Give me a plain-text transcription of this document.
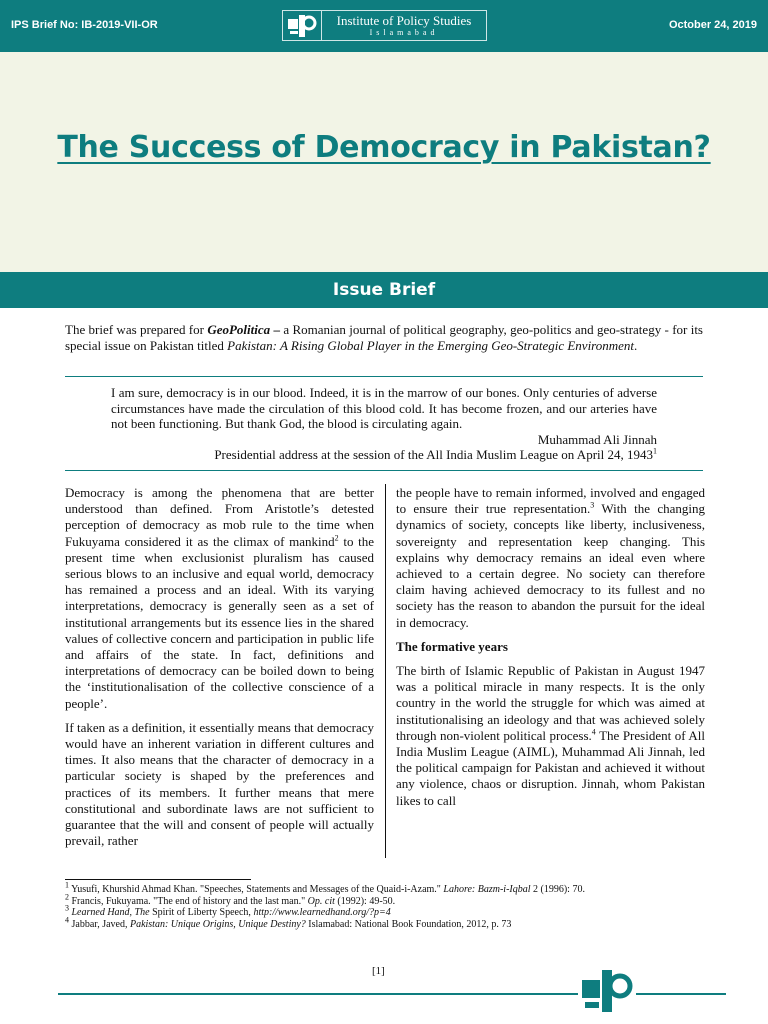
IPS Brief No: IB-2019-VII-OR	Institute of Policy Studies
Islamabad
October 24, 2019
The Success of Democracy in Pakistan?
Issue Brief
The brief was prepared for GeoPolitica – a Romanian journal of political geography, geo-politics and geo-strategy - for its special issue on Pakistan titled Pakistan: A Rising Global Player in the Emerging Geo-Strategic Environment.
I am sure, democracy is in our blood. Indeed, it is in the marrow of our bones. Only centuries of adverse circumstances have made the circulation of this blood cold. It has become frozen, and our arteries have not been functioning. But thank God, the blood is circulating again.
Muhammad Ali Jinnah
Presidential address at the session of the All India Muslim League on April 24, 1943$^1$

Democracy is among the phenomena that are better understood than defined. From Aristotle’s detested perception of democracy as mob rule to the time when Fukuyama considered it as the climax of mankind$^2$ to the present time when exclusionist pluralism has caused serious blows to an inclusive and equal world, democracy has remained a process and an ideal. With its varying interpretations, democracy is generally seen as a set of institutional arrangements but its essence lies in the shared values of collective concern and participation in public life and affairs of the state. In fact, definitions and interpretations of democracy can be boiled down to being the ‘institutionalisation of the collective conscience of a people’.

If taken as a definition, it essentially means that democracy would have an inherent variation in different cultures and times. It also means that the character of democracy in a particular society is shaped by the preferences and practices of its members. It further means that mere constitutional and subordinate laws are not sufficient to guarantee that the will and consent of people will actually prevail, rather

the people have to remain informed, involved and engaged to ensure their true representation.$^3$ With the changing dynamics of society, concepts like liberty, inclusiveness, sovereignty and representation keep changing. This explains why democracy remains an ideal even where achieved to a certain degree. No society can therefore claim having achieved democracy to its fullest and no society has the reason to abandon the pursuit for the ideal in democracy.

The formative years

The birth of Islamic Republic of Pakistan in August 1947 was a political miracle in many respects. It is the only country in the world the struggle for which was aimed at institutionalising an ideology and that was achieved solely through non-violent political process.$^4$ The President of All India Muslim League (AIML), Muhammad Ali Jinnah, led the political campaign for Pakistan and achieved it without any violence, chaos or disruption. Jinnah, whom Pakistan likes to call

$^1$ Yusufi, Khurshid Ahmad Khan. "Speeches, Statements and Messages of the Quaid-i-Azam." Lahore: Bazm-i-Iqbal 2 (1996): 70.
$^2$ Francis, Fukuyama. "The end of history and the last man." Op. cit (1992): 49-50.
$^3$ Learned Hand, The Spirit of Liberty Speech, http://www.learnedhand.org/?p=4
$^4$ Jabbar, Javed, Pakistan: Unique Origins, Unique Destiny? Islamabad: National Book Foundation, 2012, p. 73
[1]
